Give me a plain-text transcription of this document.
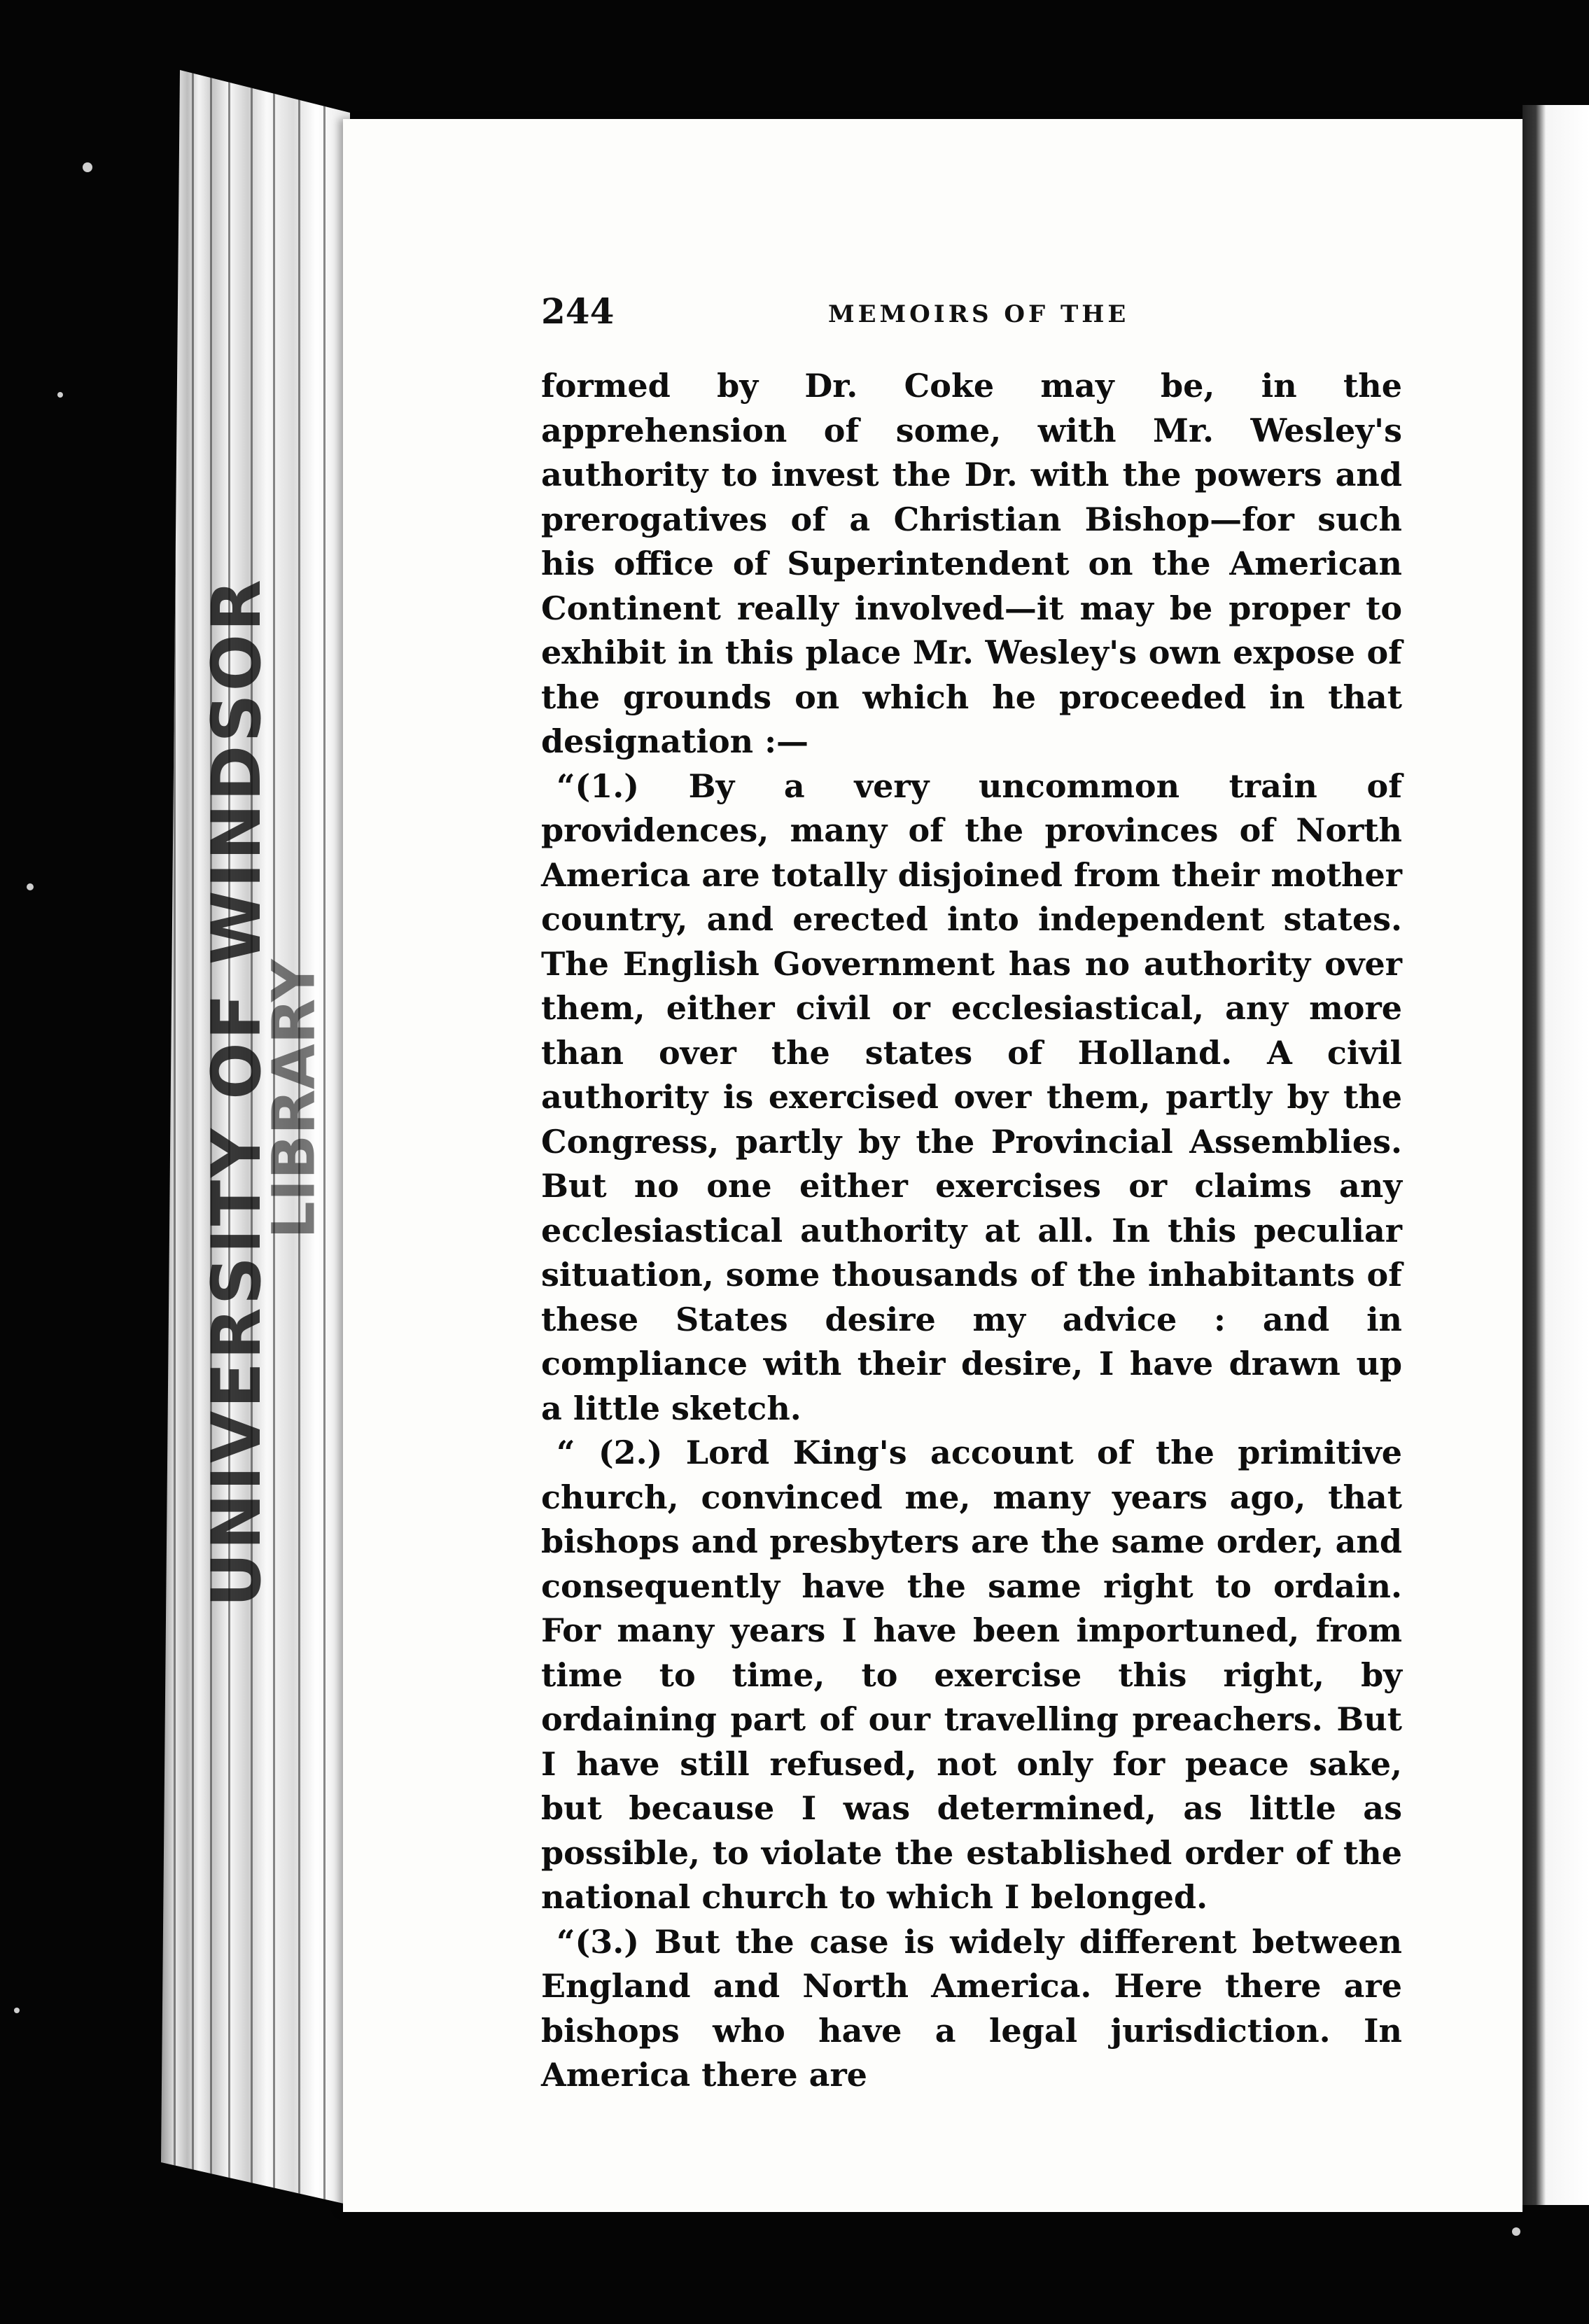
UNIVERSITY OF WINDSOR
LIBRARY
244	MEMOIRS OF THE

formed by Dr. Coke may be, in the apprehension of some, with Mr. Wesley's authority to invest the Dr. with the powers and prerogatives of a Christian Bishop—for such his office of Superintendent on the American Continent really involved—it may be proper to exhibit in this place Mr. Wesley's own expose of the grounds on which he proceeded in that designation :—

“(1.) By a very uncommon train of providences, many of the provinces of North America are totally disjoined from their mother country, and erected into independent states. The English Government has no authority over them, either civil or ecclesiastical, any more than over the states of Holland. A civil authority is exercised over them, partly by the Congress, partly by the Provincial Assemblies. But no one either exercises or claims any ecclesiastical authority at all. In this peculiar situation, some thousands of the inhabitants of these States desire my advice : and in compliance with their desire, I have drawn up a little sketch.

“ (2.) Lord King's account of the primitive church, convinced me, many years ago, that bishops and presbyters are the same order, and consequently have the same right to ordain. For many years I have been importuned, from time to time, to exercise this right, by ordaining part of our travelling preachers. But I have still refused, not only for peace sake, but because I was determined, as little as possible, to violate the established order of the national church to which I belonged.

“(3.) But the case is widely different between England and North America. Here there are bishops who have a legal jurisdiction. In America there are
